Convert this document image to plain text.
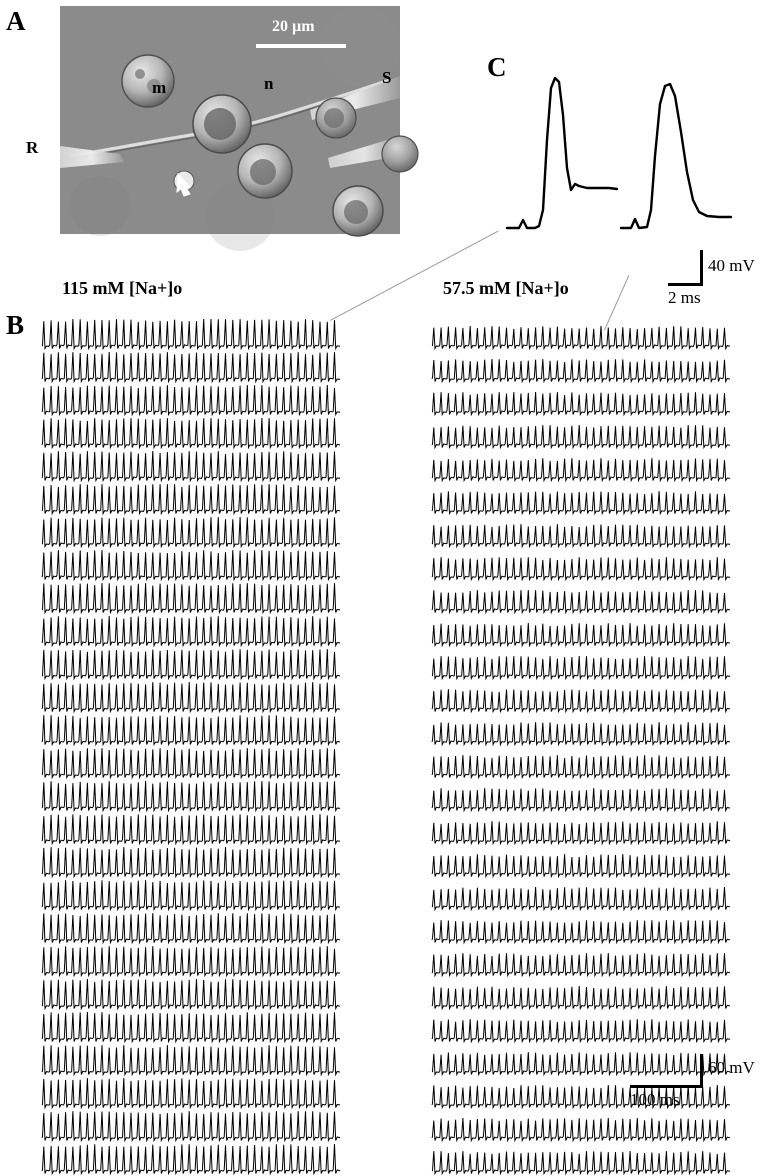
A	20 µm
R
m	n	S	C
40 mV
2 ms
B
115 mM [Na+]o	57.5 mM [Na+]o
60 mV
100 ms
